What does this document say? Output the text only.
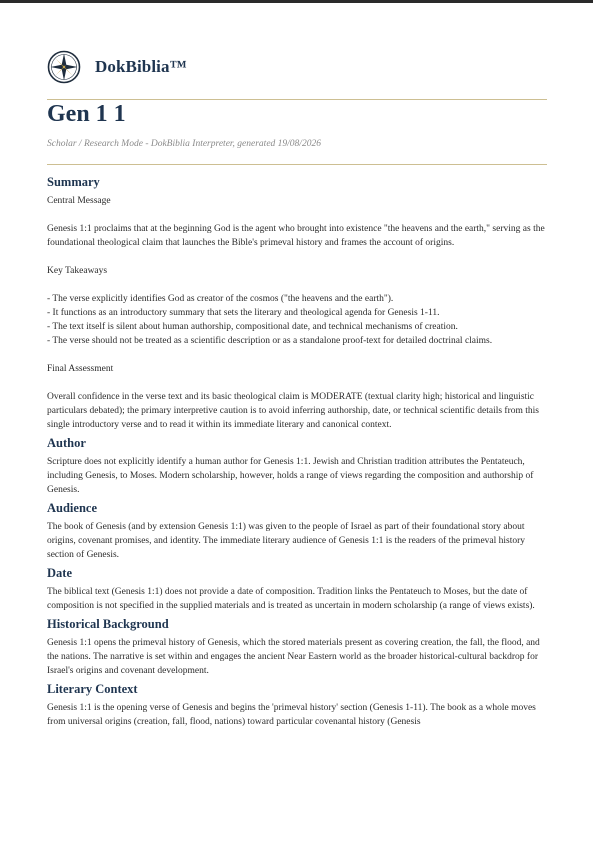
DokBiblia™
Gen 1 1
Scholar / Research Mode - DokBiblia Interpreter, generated 19/08/2026
Summary

Central Message

Genesis 1:1 proclaims that at the beginning God is the agent who brought into existence "the heavens and the earth," serving as the foundational theological claim that launches the Bible's primeval history and frames the account of origins.

Key Takeaways

- The verse explicitly identifies God as creator of the cosmos ("the heavens and the earth").

- It functions as an introductory summary that sets the literary and theological agenda for Genesis 1-11.

- The text itself is silent about human authorship, compositional date, and technical mechanisms of creation.

- The verse should not be treated as a scientific description or as a standalone proof-text for detailed doctrinal claims.

Final Assessment

Overall confidence in the verse text and its basic theological claim is MODERATE (textual clarity high; historical and linguistic particulars debated); the primary interpretive caution is to avoid inferring authorship, date, or technical scientific details from this single introductory verse and to read it within its immediate literary and canonical context.

Author

Scripture does not explicitly identify a human author for Genesis 1:1. Jewish and Christian tradition attributes the Pentateuch, including Genesis, to Moses. Modern scholarship, however, holds a range of views regarding the composition and authorship of Genesis.

Audience

The book of Genesis (and by extension Genesis 1:1) was given to the people of Israel as part of their foundational story about origins, covenant promises, and identity. The immediate literary audience of Genesis 1:1 is the readers of the primeval history section of Genesis.

Date

The biblical text (Genesis 1:1) does not provide a date of composition. Tradition links the Pentateuch to Moses, but the date of composition is not specified in the supplied materials and is treated as uncertain in modern scholarship (a range of views exists).

Historical Background

Genesis 1:1 opens the primeval history of Genesis, which the stored materials present as covering creation, the fall, the flood, and the nations. The narrative is set within and engages the ancient Near Eastern world as the broader historical-cultural backdrop for Israel's origins and covenant development.

Literary Context

Genesis 1:1 is the opening verse of Genesis and begins the 'primeval history' section (Genesis 1-11). The book as a whole moves from universal origins (creation, fall, flood, nations) toward particular covenantal history (Genesis
